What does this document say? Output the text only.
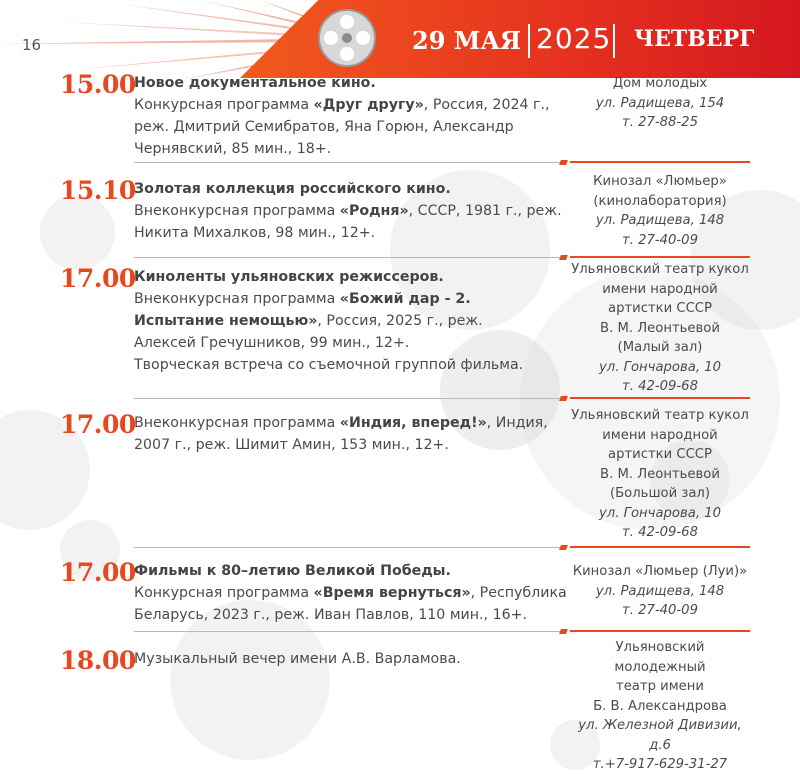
16	29 МАЯ 2025 ЧЕТВЕРГ
15.00
Новое документальное кино.
Конкурсная программа «Друг другу», Россия, 2024 г., реж. Дмитрий Семибратов, Яна Горюн, Александр Чернявский, 85 мин., 18+.
Дом молодых
ул. Радищева, 154
т. 27-88-25
15.10
Золотая коллекция российского кино.
Внеконкурсная программа «Родня», СССР, 1981 г., реж. Никита Михалков, 98 мин., 12+.
Кинозал «Люмьер»
(кинолаборатория)
ул. Радищева, 148
т. 27-40-09
17.00
Киноленты ульяновских режиссеров.
Внеконкурсная программа «Божий дар - 2. Испытание немощью», Россия, 2025 г., реж. Алексей Гречушников, 99 мин., 12+.
Творческая встреча со съемочной группой фильма.
Ульяновский театр кукол
имени народной
артистки СССР
В. М. Леонтьевой
(Малый зал)
ул. Гончарова, 10
т. 42-09-68
17.00
Внеконкурсная программа «Индия, вперед!», Индия, 2007 г., реж. Шимит Амин, 153 мин., 12+.
Ульяновский театр кукол
имени народной
артистки СССР
В. М. Леонтьевой
(Большой зал)
ул. Гончарова, 10
т. 42-09-68
17.00
Фильмы к 80–летию Великой Победы.
Конкурсная программа «Время вернуться», Республика Беларусь, 2023 г., реж. Иван Павлов, 110 мин., 16+.
Кинозал «Люмьер (Луи)»
ул. Радищева, 148
т. 27-40-09
18.00
Музыкальный вечер имени А.В. Варламова.
Ульяновский молодежный
театр имени
Б. В. Александрова
ул. Железной Дивизии, д.6
т.+7-917-629-31-27
